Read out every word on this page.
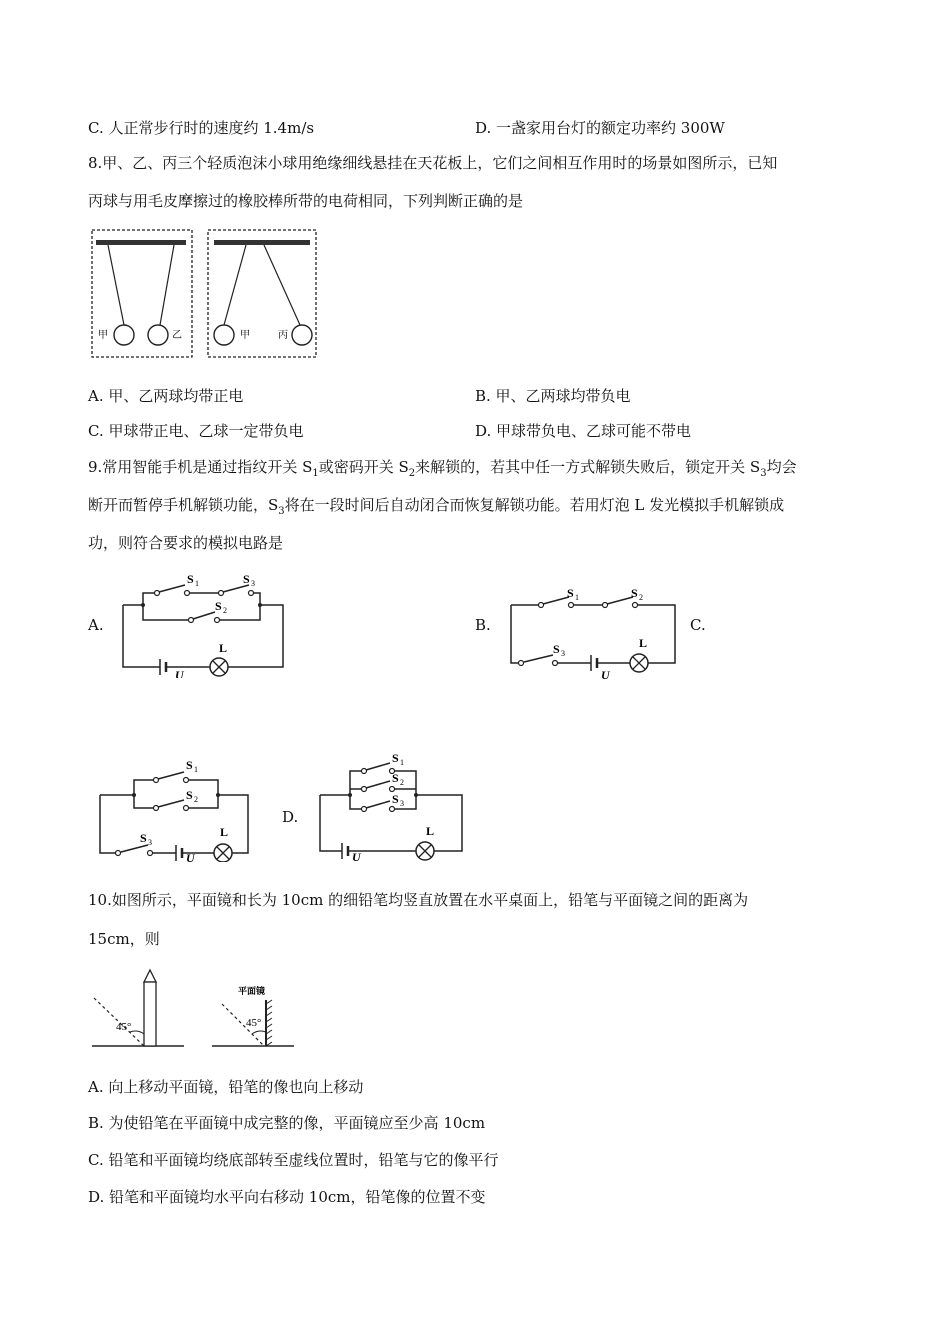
C. 人正常步行时的速度约 1.4m/s	D. 一盏家用台灯的额定功率约 300W
8.甲、乙、丙三个轻质泡沫小球用绝缘细线悬挂在天花板上，它们之间相互作用时的场景如图所示，已知
丙球与用毛皮摩擦过的橡胶棒所带的电荷相同，下列判断正确的是
甲	乙	甲	丙
A. 甲、乙两球均带正电	B. 甲、乙两球均带负电
C. 甲球带正电、乙球一定带负电	D. 甲球带负电、乙球可能不带电
9.常用智能手机是通过指纹开关 $S_1$或密码开关 $S_2$来解锁的，若其中任一方式解锁失败后，锁定开关 $S_3$均会
断开而暂停手机解锁功能，$S_3$将在一段时间后自动闭合而恢复解锁功能。若用灯泡 L 发光模拟手机解锁成
功，则符合要求的模拟电路是
A.	B.	C.
D.
S 1	S 3
S 2
L
U
S 1	S 2
S 3
L
U
S 1
S 2
S 3
L
U
S 1
S 2
S 3
L
U
10.如图所示，平面镜和长为 10cm 的细铅笔均竖直放置在水平桌面上，铅笔与平面镜之间的距离为
15cm，则
45°
平面镜
45°
A. 向上移动平面镜，铅笔的像也向上移动
B. 为使铅笔在平面镜中成完整的像，平面镜应至少高 10cm
C. 铅笔和平面镜均绕底部转至虚线位置时，铅笔与它的像平行
D. 铅笔和平面镜均水平向右移动 10cm，铅笔像的位置不变
